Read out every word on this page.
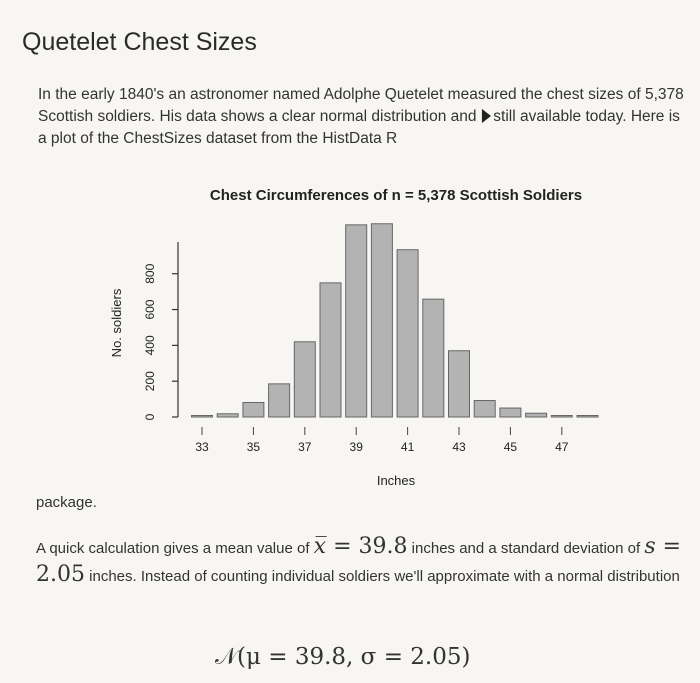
Quetelet Chest Sizes
In the early 1840's an astronomer named Adolphe Quetelet measured the chest sizes of 5,378 Scottish soldiers. His data shows a clear normal distribution and i still available today. Here is a plot of the ChestSizes dataset from the HistData R
Chest Circumferences of n = 5,378 Scottish Soldiers
Inches
No. soldiers
0
200
400
600
800
33	35	37	39	41	43	45	47
package.
A quick calculation gives a mean value of x̅ = 39.8 inches and a standard deviation of s = 2.05 inches. Instead of counting individual soldiers we'll approximate with a normal distribution
𝒩(μ = 39.8, σ = 2.05)
